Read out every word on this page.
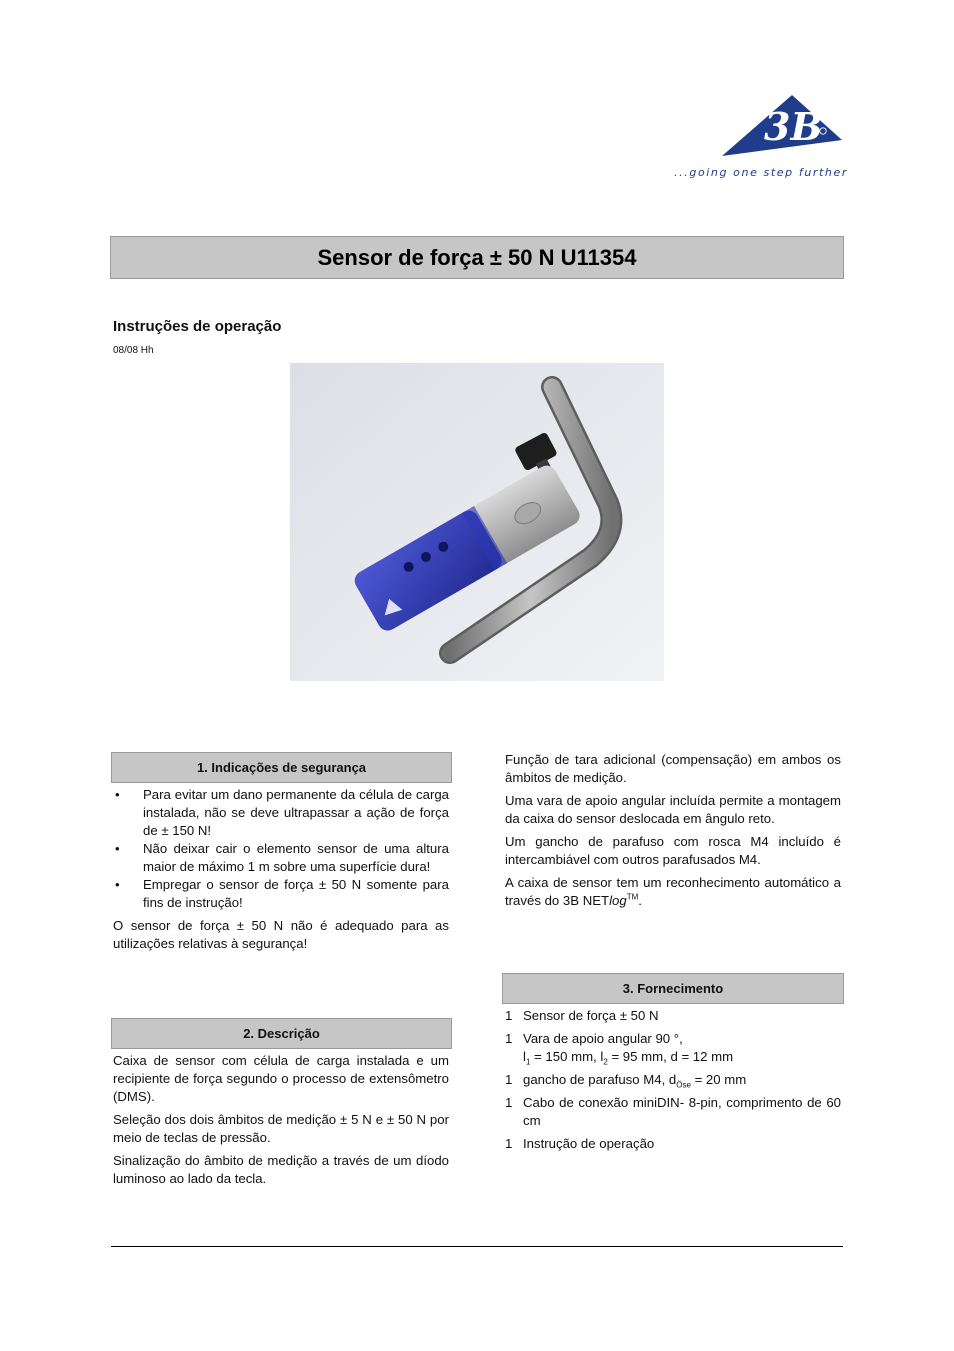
3B
...going one step further
Sensor de força ± 50 N U11354
Instruções de operação
08/08 Hh
1. Indicações de segurança
• Para evitar um dano permanente da célula de carga instalada, não se deve ultrapassar a ação de força de ± 150 N!
• Não deixar cair o elemento sensor de uma altura maior de máximo 1 m sobre uma superfície dura!
• Empregar o sensor de força ± 50 N somente para fins de instrução!

O sensor de força ± 50 N não é adequado para as utilizações relativas à segurança!

2. Descrição

Caixa de sensor com célula de carga instalada e um recipiente de força segundo o processo de extensômetro (DMS).

Seleção dos dois âmbitos de medição ± 5 N e ± 50 N por meio de teclas de pressão.

Sinalização do âmbito de medição a través de um díodo luminoso ao lado da tecla.

Função de tara adicional (compensação) em ambos os âmbitos de medição.

Uma vara de apoio angular incluída permite a montagem da caixa do sensor deslocada em ângulo reto.

Um gancho de parafuso com rosca M4 incluído é intercambiável com outros parafusados M4.

A caixa de sensor tem um reconhecimento automático a través do 3B NETlog™.

3. Fornecimento
1 Sensor de força ± 50 N
1 Vara de apoio angular 90 °,
$l_1 = 150$ mm, $l_2 = 95$ mm, d = 12 mm
1 gancho de parafuso M4, $d_{Öse} = 20$ mm
1 Cabo de conexão miniDIN- 8-pin, comprimento de 60 cm
1 Instrução de operação
